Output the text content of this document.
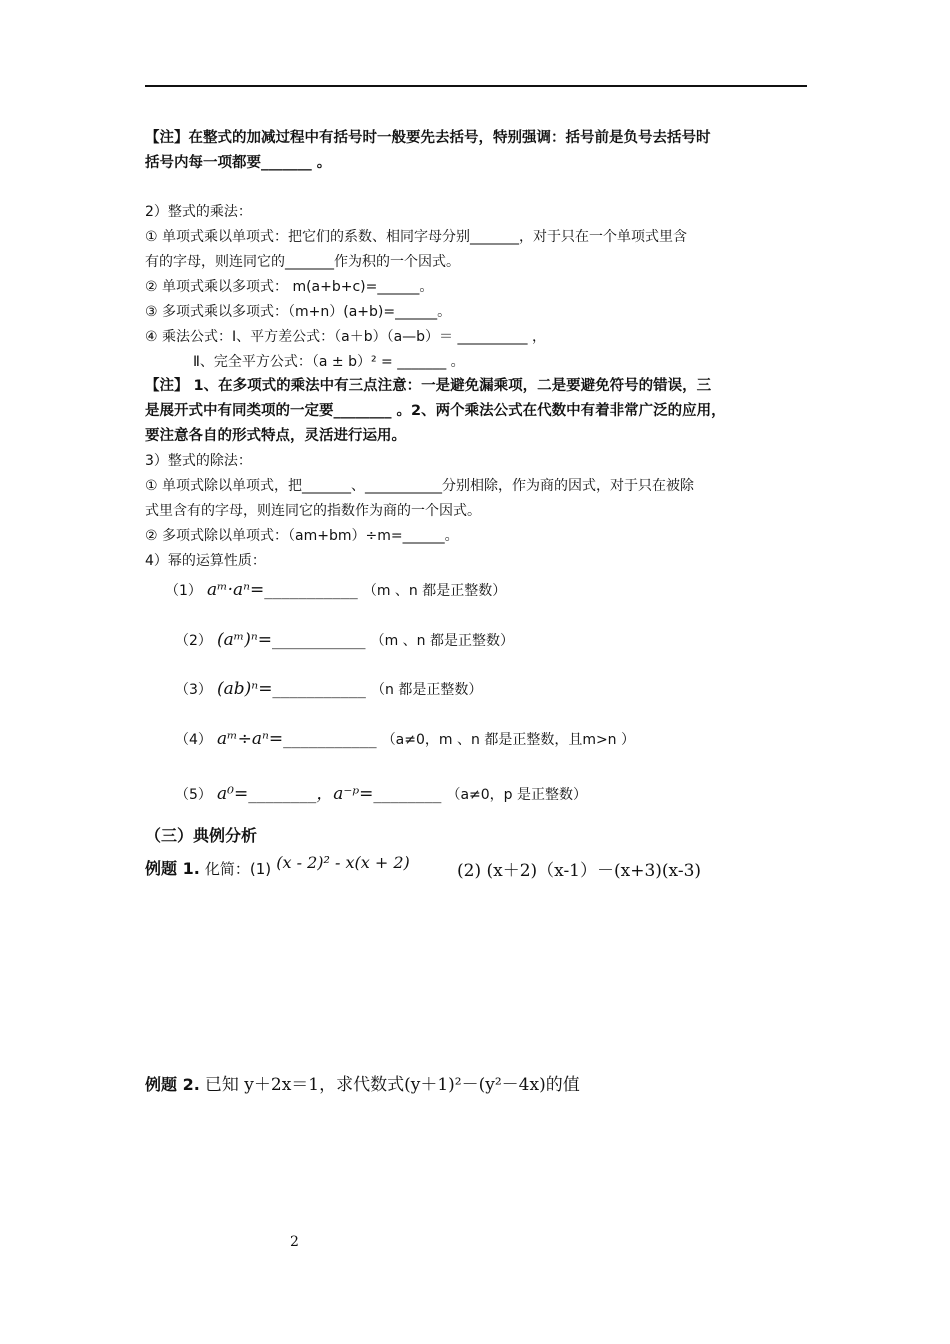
【注】在整式的加减过程中有括号时一般要先去括号，特别强调：括号前是负号去括号时
括号内每一项都要_______ 。
2）整式的乘法：
① 单项式乘以单项式：把它们的系数、相同字母分别_______，对于只在一个单项式里含
有的字母，则连同它的_______作为积的一个因式。
② 单项式乘以多项式： m(a+b+c)=______。
③ 多项式乘以多项式：（m+n）(a+b)=______。
④ 乘法公式：Ⅰ、平方差公式：（a＋b）（a—b）＝ __________ ，
Ⅱ、完全平方公式：（a ± b）² = _______ 。
【注】 1、在多项式的乘法中有三点注意：一是避免漏乘项，二是要避免符号的错误，三
是展开式中有同类项的一定要________ 。2、两个乘法公式在代数中有着非常广泛的应用，
要注意各自的形式特点，灵活进行运用。
3）整式的除法：
① 单项式除以单项式，把_______、___________分别相除，作为商的因式，对于只在被除
式里含有的字母，则连同它的指数作为商的一个因式。
② 多项式除以单项式：（am+bm）÷m=______。
4）幂的运算性质：
（1） aᵐ·aⁿ=___________ （m 、n 都是正整数）
（2） (aᵐ)ⁿ=___________ （m 、n 都是正整数）
（3） (ab)ⁿ=___________ （n 都是正整数）
（4） aᵐ÷aⁿ=___________ （a≠0，m 、n 都是正整数，且m>n ）
（5） a⁰=________，a⁻ᵖ=________ （a≠0，p 是正整数）
（三）典例分析
例题 1. 化简：(1) (x - 2)² - x(x + 2)	(2) (x＋2)（x-1）－(x+3)(x-3)
例题 2. 已知 y＋2x＝1，求代数式(y＋1)²－(y²－4x)的值
2
